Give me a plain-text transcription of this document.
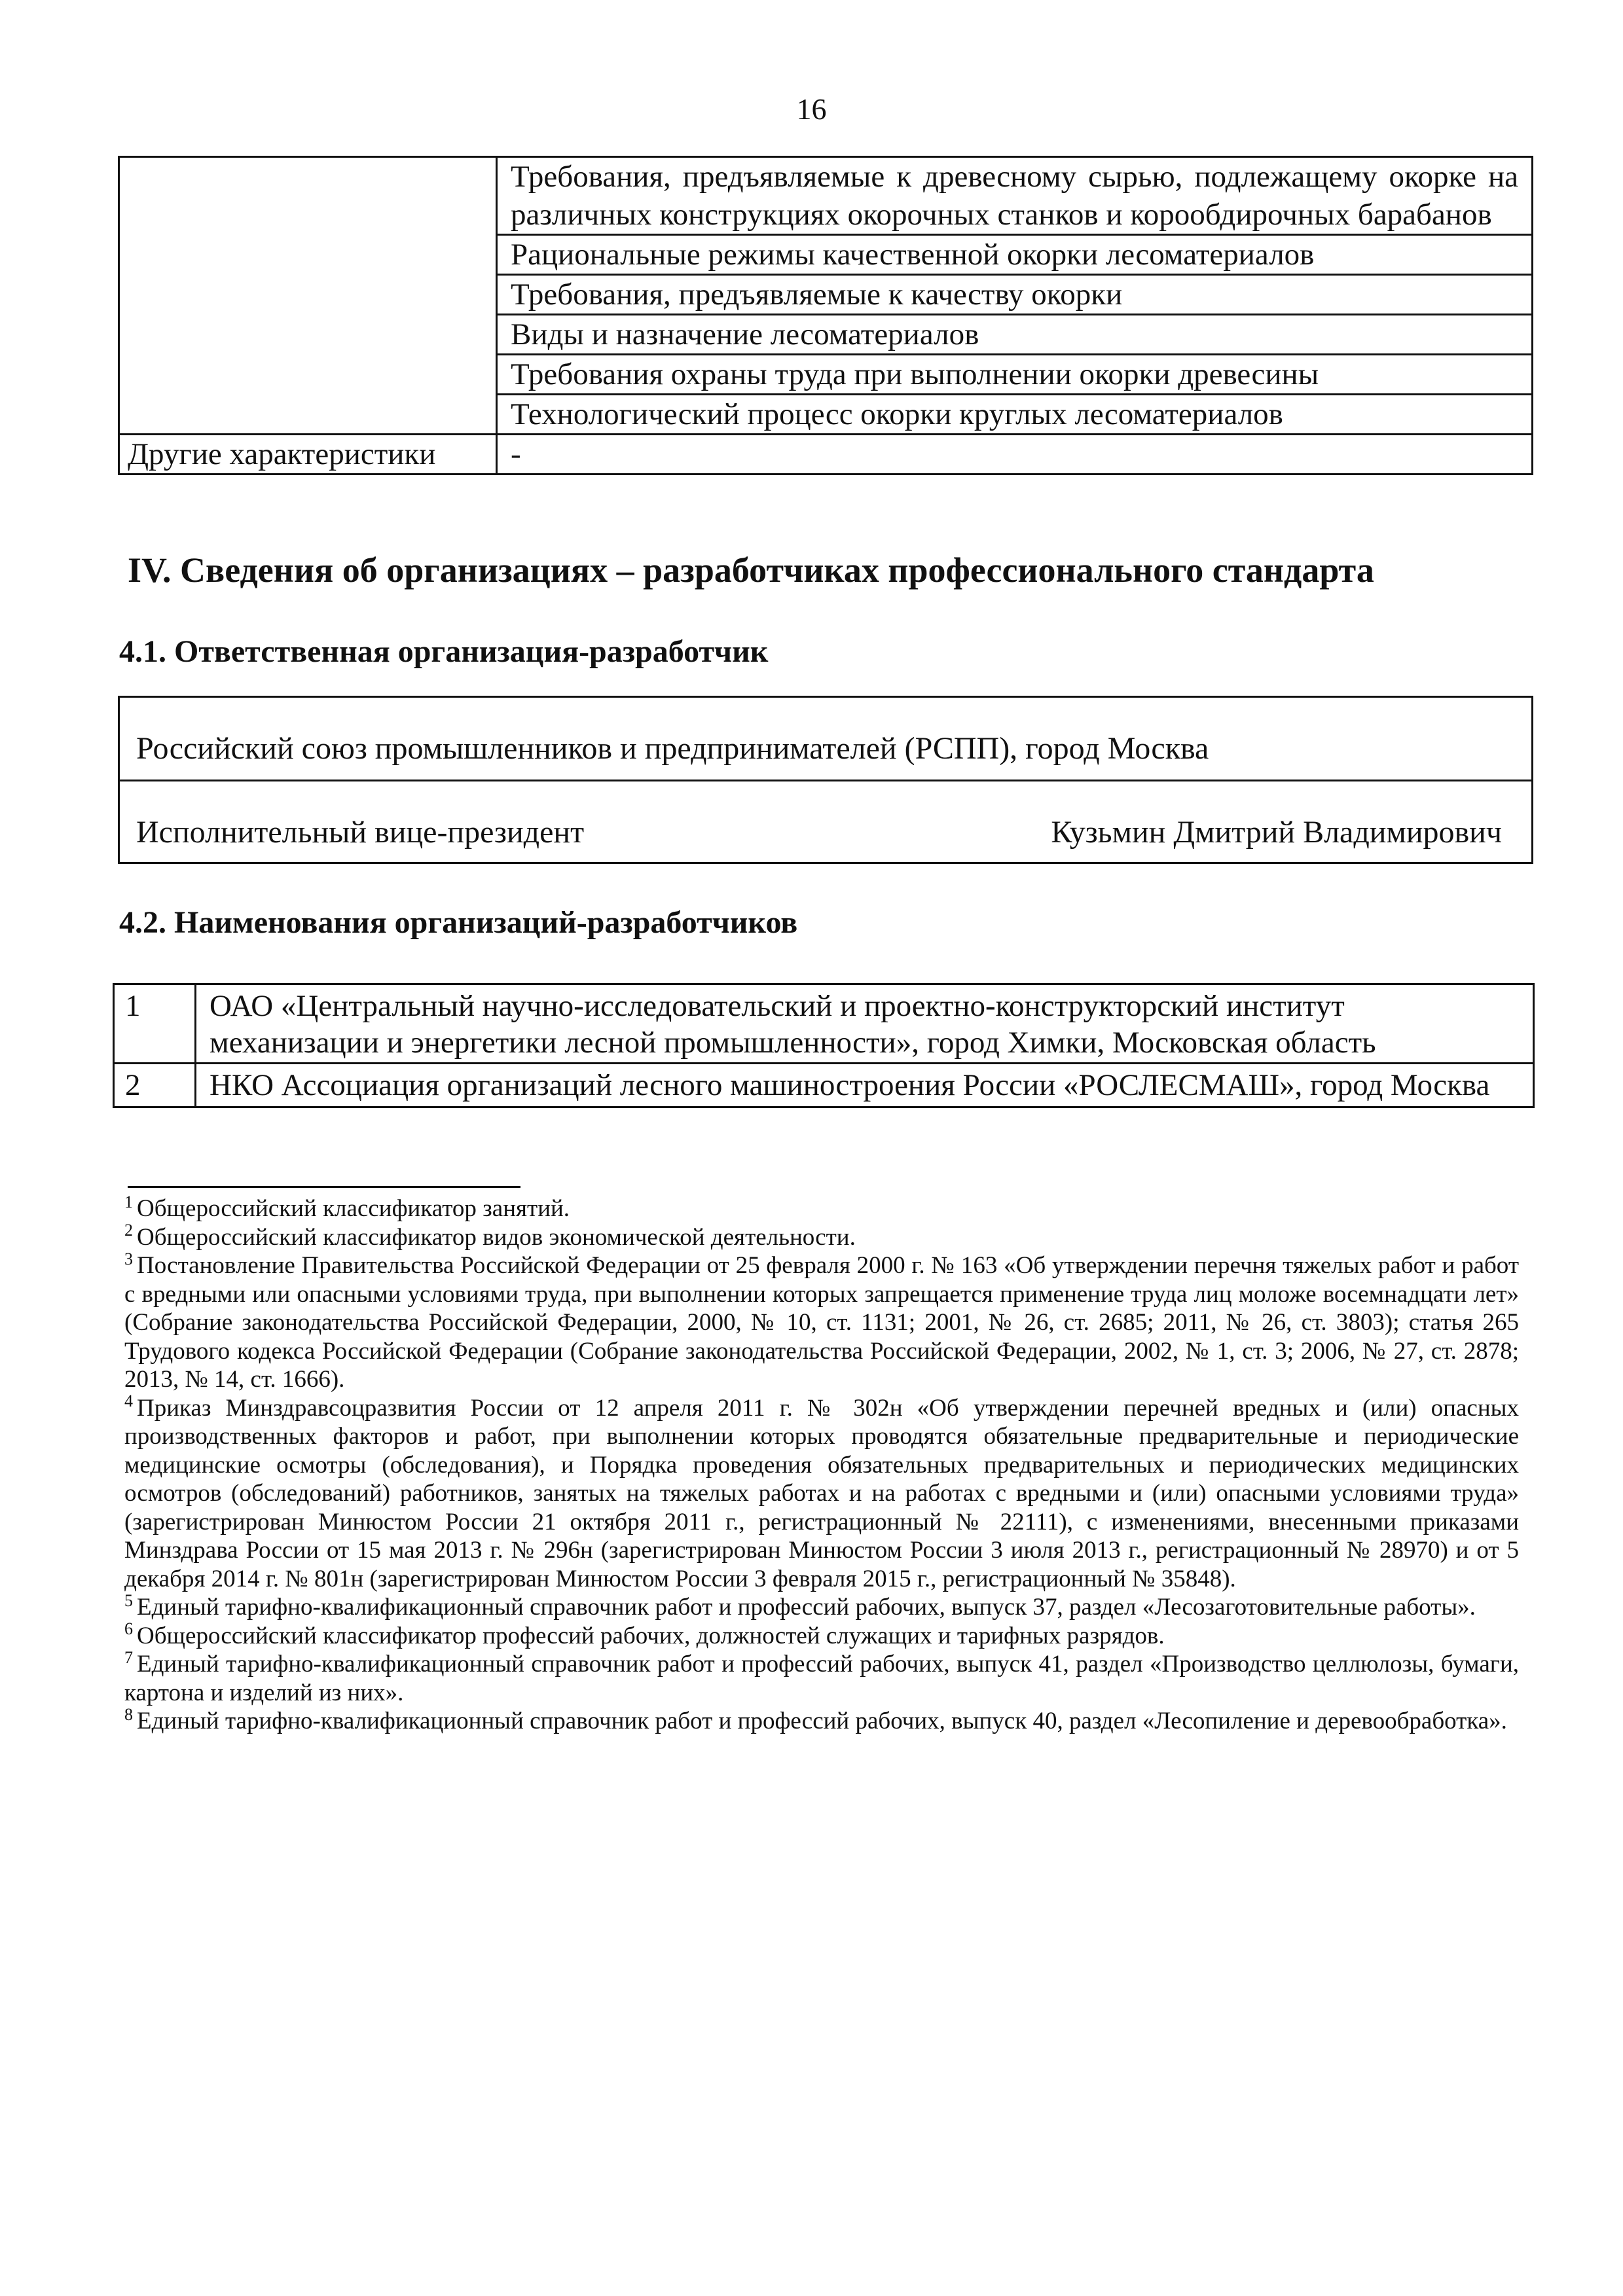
16
	Требования, предъявляемые к древесному сырью, подлежащему окорке на различных конструкциях окорочных станков и корообдирочных барабанов
	Рациональные режимы качественной окорки лесоматериалов
	Требования, предъявляемые к качеству окорки
	Виды и назначение лесоматериалов
	Требования охраны труда при выполнении окорки древесины
	Технологический процесс окорки круглых лесоматериалов
Другие характеристики	-
IV. Сведения об организациях – разработчиках профессионального стандарта
4.1. Ответственная организация-разработчик
Российский союз промышленников и предпринимателей (РСПП), город Москва

Исполнительный вице-президент	Кузьмин Дмитрий Владимирович
4.2. Наименования организаций-разработчиков
1	ОАО «Центральный научно-исследовательский и проектно-конструкторский институт механизации и энергетики лесной промышленности», город Химки, Московская область
2	НКО Ассоциация организаций лесного машиностроения России «РОСЛЕСМАШ», город Москва

$^1$ Общероссийский классификатор занятий.

$^2$ Общероссийский классификатор видов экономической деятельности.

$^3$ Постановление Правительства Российской Федерации от 25 февраля 2000 г. № 163 «Об утверждении перечня тяжелых работ и работ с вредными или опасными условиями труда, при выполнении которых запрещается применение труда лиц моложе восемнадцати лет» (Собрание законодательства Российской Федерации, 2000, № 10, ст. 1131; 2001, № 26, ст. 2685; 2011, № 26, ст. 3803); статья 265 Трудового кодекса Российской Федерации (Собрание законодательства Российской Федерации, 2002, № 1, ст. 3; 2006, № 27, ст. 2878; 2013, № 14, ст. 1666).

$^4$ Приказ Минздравсоцразвития России от 12 апреля 2011 г. № 302н «Об утверждении перечней вредных и (или) опасных производственных факторов и работ, при выполнении которых проводятся обязательные предварительные и периодические медицинские осмотры (обследования), и Порядка проведения обязательных предварительных и периодических медицинских осмотров (обследований) работников, занятых на тяжелых работах и на работах с вредными и (или) опасными условиями труда» (зарегистрирован Минюстом России 21 октября 2011 г., регистрационный № 22111), с изменениями, внесенными приказами Минздрава России от 15 мая 2013 г. № 296н (зарегистрирован Минюстом России 3 июля 2013 г., регистрационный № 28970) и от 5 декабря 2014 г. № 801н (зарегистрирован Минюстом России 3 февраля 2015 г., регистрационный № 35848).

$^5$ Единый тарифно-квалификационный справочник работ и профессий рабочих, выпуск 37, раздел «Лесозаготовительные работы».

$^6$ Общероссийский классификатор профессий рабочих, должностей служащих и тарифных разрядов.

$^7$ Единый тарифно-квалификационный справочник работ и профессий рабочих, выпуск 41, раздел «Производство целлюлозы, бумаги, картона и изделий из них».

$^8$ Единый тарифно-квалификационный справочник работ и профессий рабочих, выпуск 40, раздел «Лесопиление и деревообработка».
